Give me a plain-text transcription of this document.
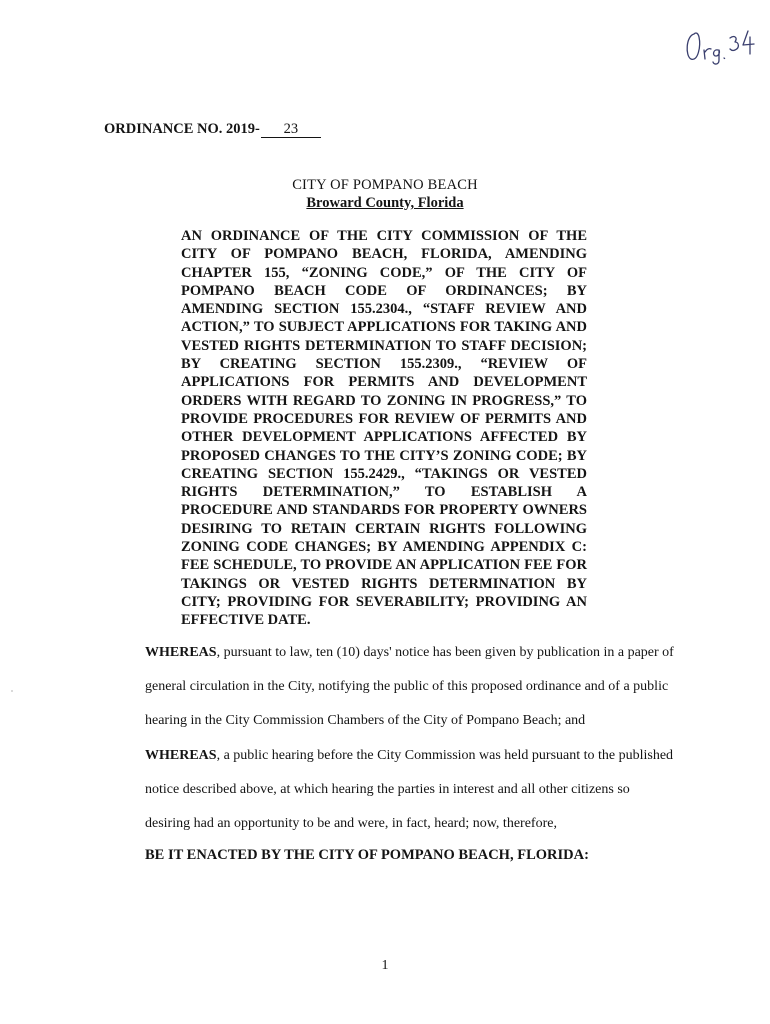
ORDINANCE NO. 2019- 23
CITY OF POMPANO BEACH
Broward County, Florida

AN ORDINANCE OF THE CITY COMMISSION OF THE CITY OF POMPANO BEACH, FLORIDA, AMENDING CHAPTER 155, “ZONING CODE,” OF THE CITY OF POMPANO BEACH CODE OF ORDINANCES; BY AMENDING SECTION 155.2304., “STAFF REVIEW AND ACTION,” TO SUBJECT APPLICATIONS FOR TAKING AND VESTED RIGHTS DETERMINATION TO STAFF DECISION; BY CREATING SECTION 155.2309., “REVIEW OF APPLICATIONS FOR PERMITS AND DEVELOPMENT ORDERS WITH REGARD TO ZONING IN PROGRESS,” TO PROVIDE PROCEDURES FOR REVIEW OF PERMITS AND OTHER DEVELOPMENT APPLICATIONS AFFECTED BY PROPOSED CHANGES TO THE CITY’S ZONING CODE; BY CREATING SECTION 155.2429., “TAKINGS OR VESTED RIGHTS DETERMINATION,” TO ESTABLISH A PROCEDURE AND STANDARDS FOR PROPERTY OWNERS DESIRING TO RETAIN CERTAIN RIGHTS FOLLOWING ZONING CODE CHANGES; BY AMENDING APPENDIX C: FEE SCHEDULE, TO PROVIDE AN APPLICATION FEE FOR TAKINGS OR VESTED RIGHTS DETERMINATION BY CITY; PROVIDING FOR SEVERABILITY; PROVIDING AN EFFECTIVE DATE.

WHEREAS, pursuant to law, ten (10) days' notice has been given by publication in a paper of general circulation in the City, notifying the public of this proposed ordinance and of a public hearing in the City Commission Chambers of the City of Pompano Beach; and

WHEREAS, a public hearing before the City Commission was held pursuant to the published notice described above, at which hearing the parties in interest and all other citizens so desiring had an opportunity to be and were, in fact, heard; now, therefore,

BE IT ENACTED BY THE CITY OF POMPANO BEACH, FLORIDA:
1
